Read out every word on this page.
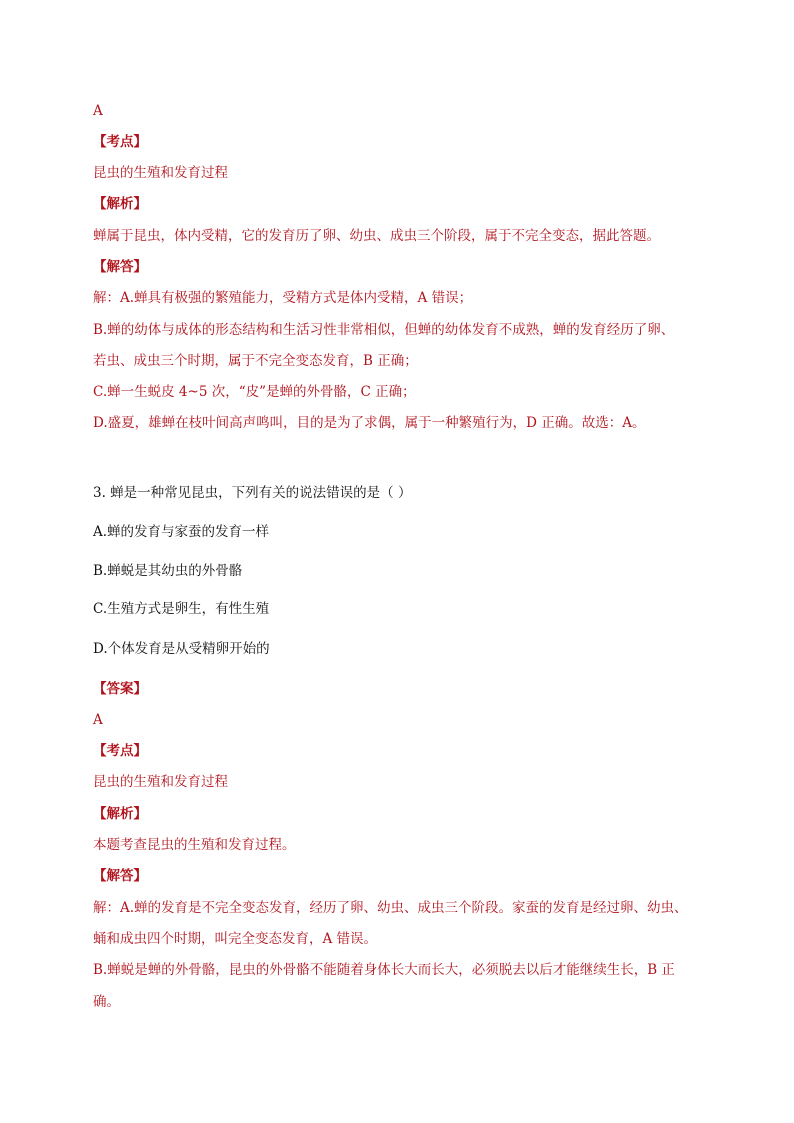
A
【考点】
昆虫的生殖和发育过程
【解析】
蝉属于昆虫，体内受精，它的发育历了卵、幼虫、成虫三个阶段，属于不完全变态，据此答题。
【解答】
解：A.蝉具有极强的繁殖能力，受精方式是体内受精，A 错误；
B.蝉的幼体与成体的形态结构和生活习性非常相似，但蝉的幼体发育不成熟，蝉的发育经历了卵、
若虫、成虫三个时期，属于不完全变态发育，B 正确；
C.蝉一生蜕皮 4~5 次，“皮”是蝉的外骨骼，C 正确；
D.盛夏，雄蝉在枝叶间高声鸣叫，目的是为了求偶，属于一种繁殖行为，D 正确。故选：A。
3. 蝉是一种常见昆虫，下列有关的说法错误的是（ ）
A.蝉的发育与家蚕的发育一样
B.蝉蜕是其幼虫的外骨骼
C.生殖方式是卵生，有性生殖
D.个体发育是从受精卵开始的
【答案】
A
【考点】
昆虫的生殖和发育过程
【解析】
本题考查昆虫的生殖和发育过程。
【解答】
解：A.蝉的发育是不完全变态发育，经历了卵、幼虫、成虫三个阶段。家蚕的发育是经过卵、幼虫、
蛹和成虫四个时期，叫完全变态发育，A 错误。
B.蝉蜕是蝉的外骨骼，昆虫的外骨骼不能随着身体长大而长大，必须脱去以后才能继续生长，B 正
确。
